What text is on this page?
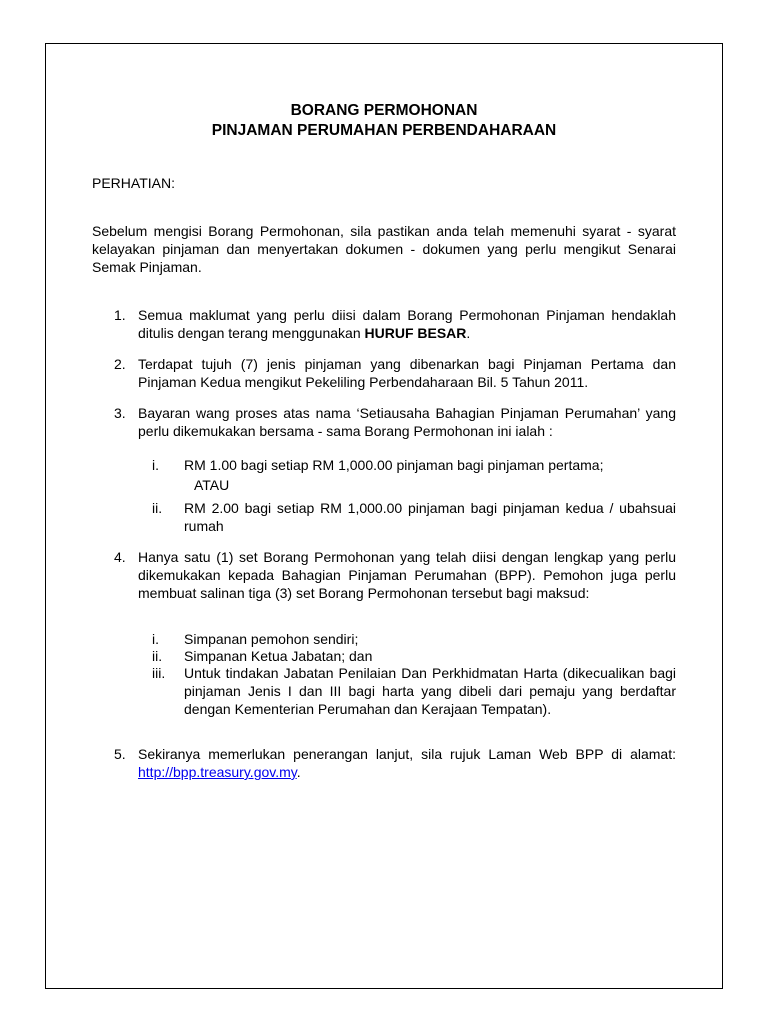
BORANG PERMOHONAN
PINJAMAN PERUMAHAN PERBENDAHARAAN
PERHATIAN:
Sebelum mengisi Borang Permohonan, sila pastikan anda telah memenuhi syarat - syarat kelayakan pinjaman dan menyertakan dokumen - dokumen yang perlu mengikut Senarai Semak Pinjaman.
1. Semua maklumat yang perlu diisi dalam Borang Permohonan Pinjaman hendaklah ditulis dengan terang menggunakan HURUF BESAR.
2. Terdapat tujuh (7) jenis pinjaman yang dibenarkan bagi Pinjaman Pertama dan Pinjaman Kedua mengikut Pekeliling Perbendaharaan Bil. 5 Tahun 2011.
3. Bayaran wang proses atas nama ‘Setiausaha Bahagian Pinjaman Perumahan’ yang perlu dikemukakan bersama - sama Borang Permohonan ini ialah :
i.	RM 1.00 bagi setiap RM 1,000.00 pinjaman bagi pinjaman pertama;
ATAU
ii.	RM 2.00 bagi setiap RM 1,000.00 pinjaman bagi pinjaman kedua / ubahsuai rumah
4. Hanya satu (1) set Borang Permohonan yang telah diisi dengan lengkap yang perlu dikemukakan kepada Bahagian Pinjaman Perumahan (BPP). Pemohon juga perlu membuat salinan tiga (3) set Borang Permohonan tersebut bagi maksud:
i.	Simpanan pemohon sendiri;
ii.	Simpanan Ketua Jabatan; dan
iii.	Untuk tindakan Jabatan Penilaian Dan Perkhidmatan Harta (dikecualikan bagi pinjaman Jenis I dan III bagi harta yang dibeli dari pemaju yang berdaftar dengan Kementerian Perumahan dan Kerajaan Tempatan).
5. Sekiranya memerlukan penerangan lanjut, sila rujuk Laman Web BPP di alamat: http://bpp.treasury.gov.my.
